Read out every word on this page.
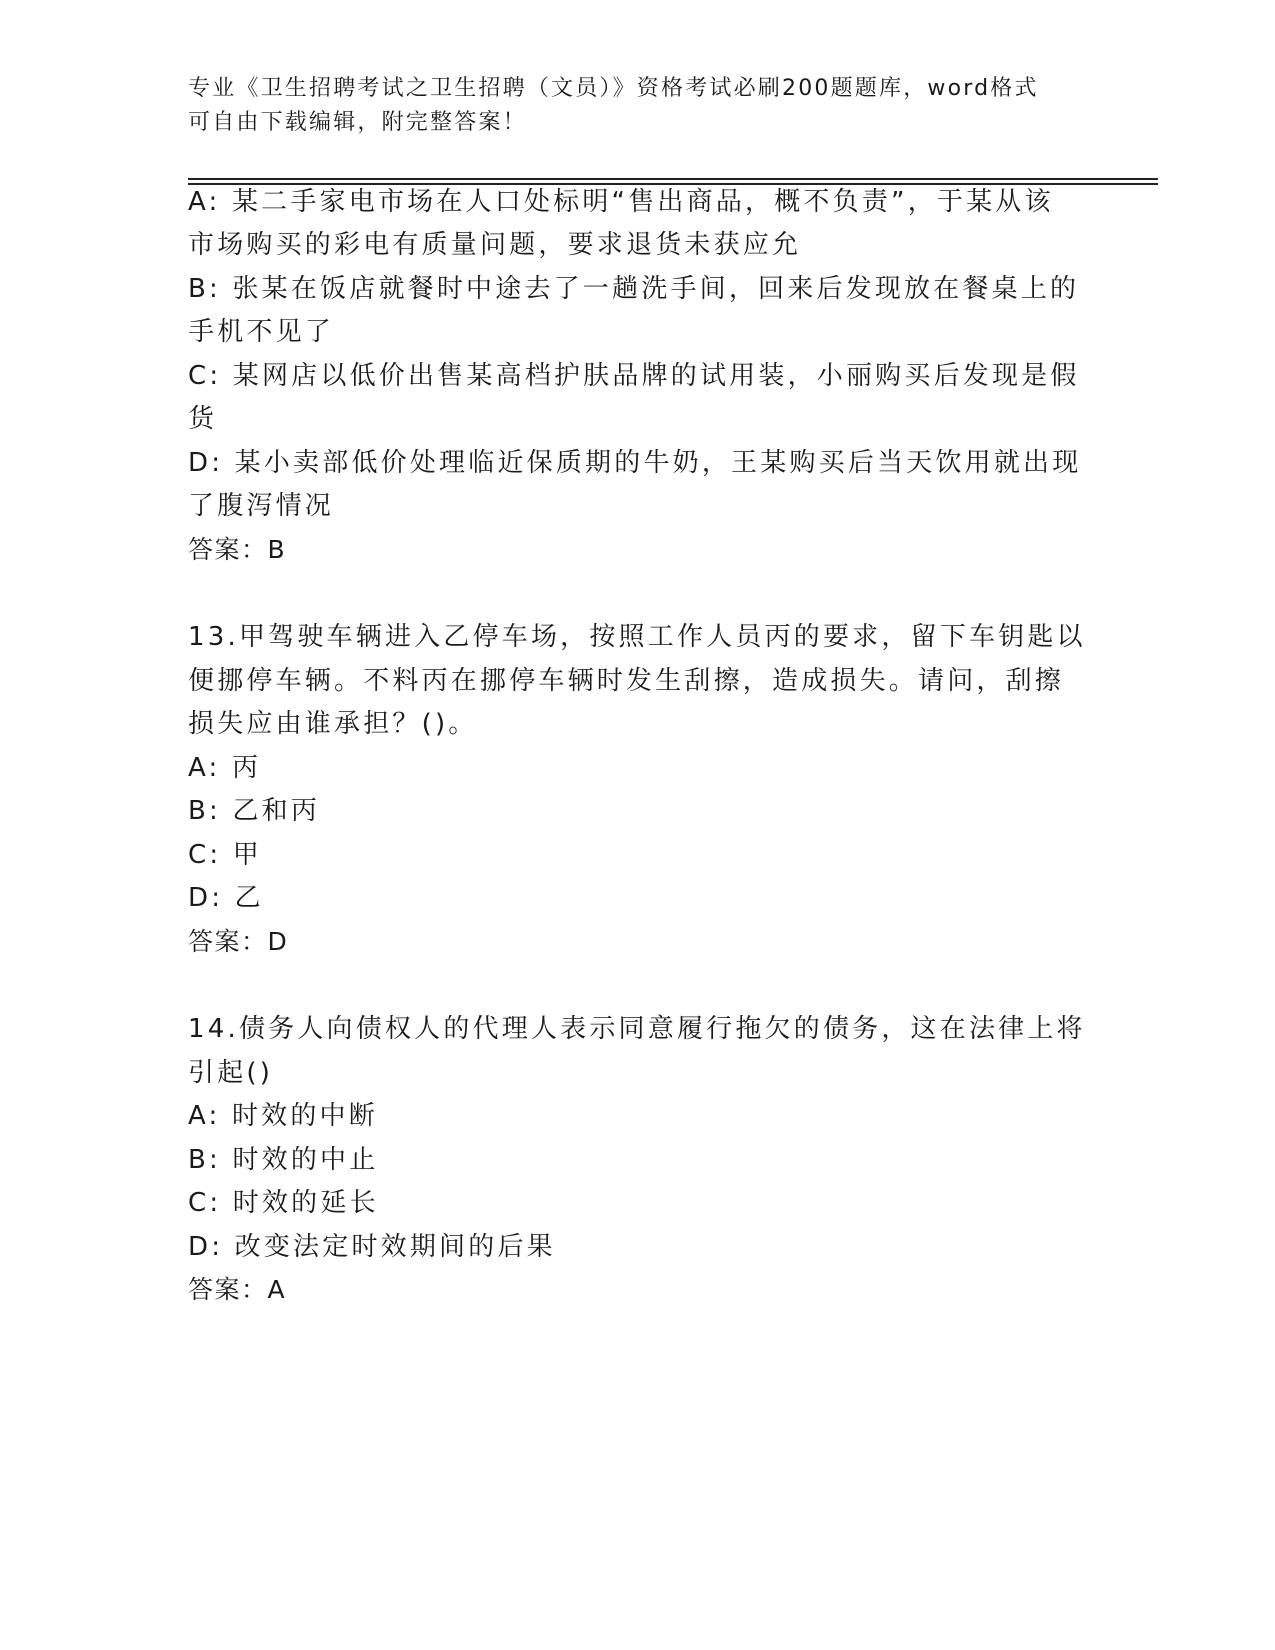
专业《卫生招聘考试之卫生招聘（文员）》资格考试必刷200题题库，word格式
可自由下载编辑，附完整答案！
A: 某二手家电市场在人口处标明“售出商品，概不负责”，于某从该
市场购买的彩电有质量问题，要求退货未获应允
B: 张某在饭店就餐时中途去了一趟洗手间，回来后发现放在餐桌上的
手机不见了
C: 某网店以低价出售某高档护肤品牌的试用装，小丽购买后发现是假
货
D: 某小卖部低价处理临近保质期的牛奶，王某购买后当天饮用就出现
了腹泻情况
答案：B
13.甲驾驶车辆进入乙停车场，按照工作人员丙的要求，留下车钥匙以
便挪停车辆。不料丙在挪停车辆时发生刮擦，造成损失。请问，刮擦
损失应由谁承担？()。
A: 丙
B: 乙和丙
C: 甲
D: 乙
答案：D
14.债务人向债权人的代理人表示同意履行拖欠的债务，这在法律上将
引起()
A: 时效的中断
B: 时效的中止
C: 时效的延长
D: 改变法定时效期间的后果
答案：A
